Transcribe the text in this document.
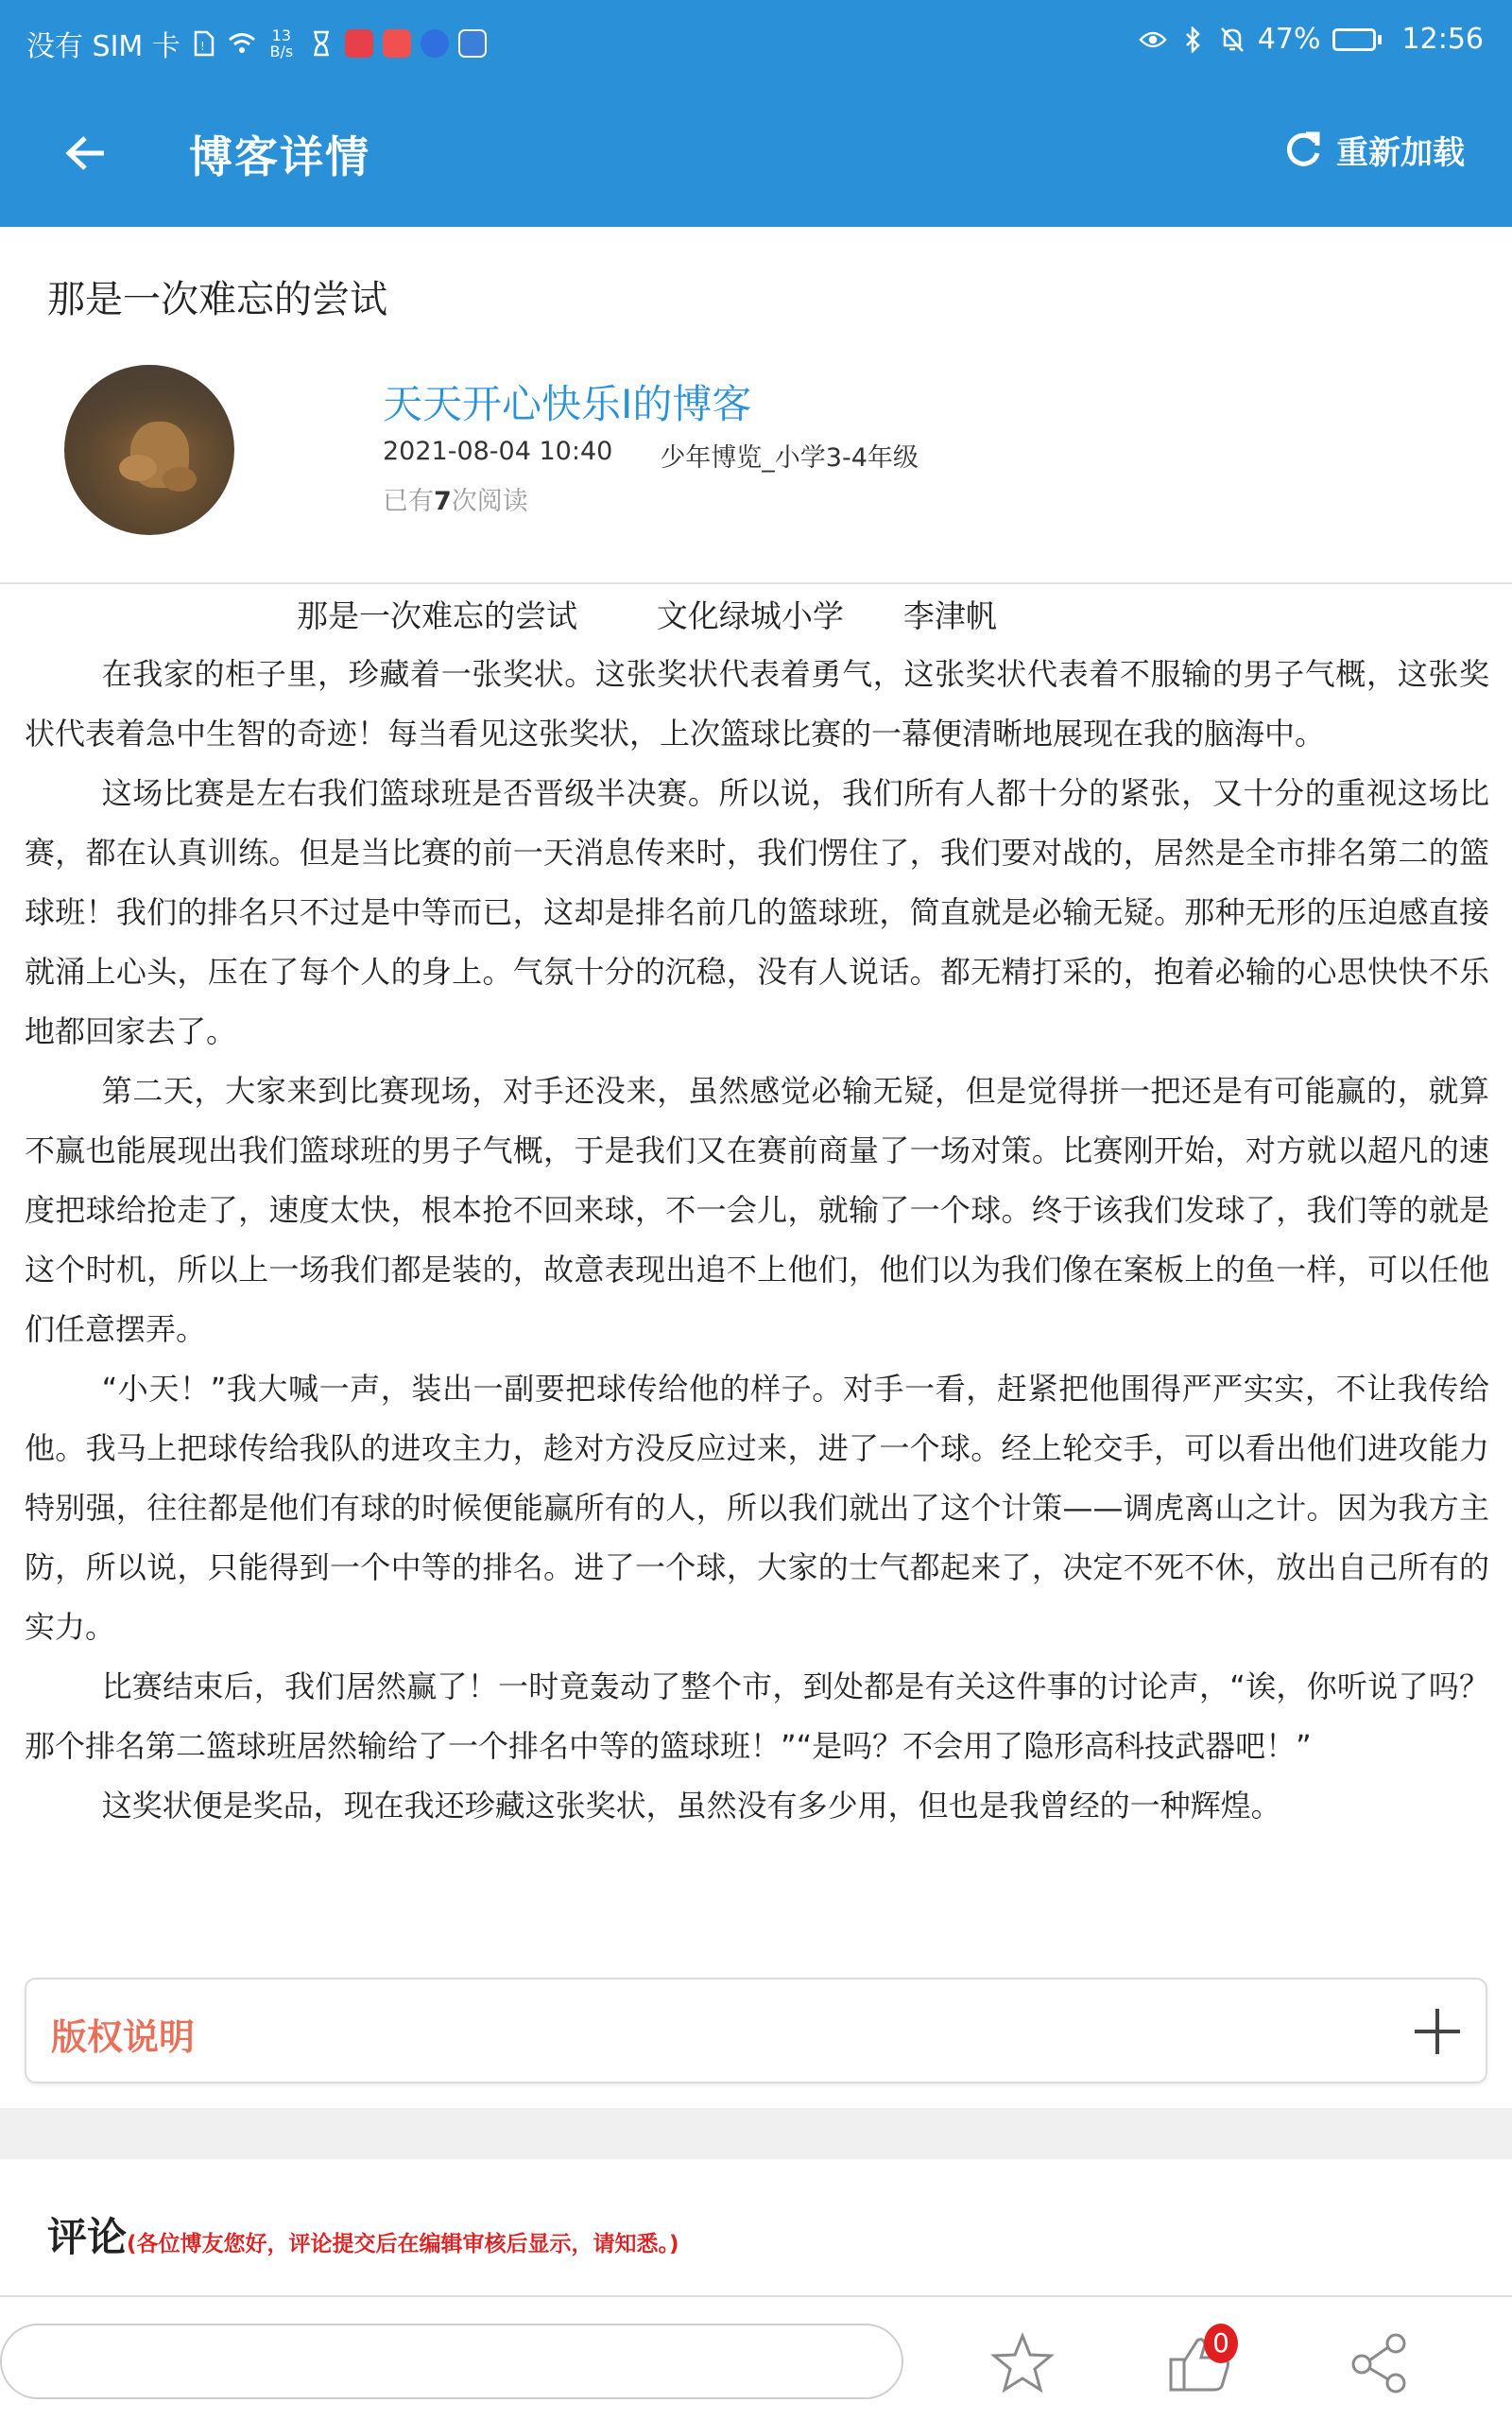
没有 SIM 卡 !
13
B/s	47%	12:56
博客详情	重新加载
那是一次难忘的尝试
天天开心快乐I的博客
2021-08-04 10:40 少年博览_小学3-4年级
已有7次阅读
那是一次难忘的尝试        文化绿城小学      李津帆

在我家的柜子里，珍藏着一张奖状。这张奖状代表着勇气，这张奖状代表着不服输的男子气概，这张奖状代表着急中生智的奇迹！每当看见这张奖状，上次篮球比赛的一幕便清晰地展现在我的脑海中。

这场比赛是左右我们篮球班是否晋级半决赛。所以说，我们所有人都十分的紧张，又十分的重视这场比赛，都在认真训练。但是当比赛的前一天消息传来时，我们愣住了，我们要对战的，居然是全市排名第二的篮球班！我们的排名只不过是中等而已，这却是排名前几的篮球班，简直就是必输无疑。那种无形的压迫感直接就涌上心头，压在了每个人的身上。气氛十分的沉稳，没有人说话。都无精打采的，抱着必输的心思快快不乐地都回家去了。

第二天，大家来到比赛现场，对手还没来，虽然感觉必输无疑，但是觉得拼一把还是有可能赢的，就算不赢也能展现出我们篮球班的男子气概，于是我们又在赛前商量了一场对策。比赛刚开始，对方就以超凡的速度把球给抢走了，速度太快，根本抢不回来球，不一会儿，就输了一个球。终于该我们发球了，我们等的就是这个时机，所以上一场我们都是装的，故意表现出追不上他们，他们以为我们像在案板上的鱼一样，可以任他们任意摆弄。

“小天！”我大喊一声，装出一副要把球传给他的样子。对手一看，赶紧把他围得严严实实，不让我传给他。我马上把球传给我队的进攻主力，趁对方没反应过来，进了一个球。经上轮交手，可以看出他们进攻能力特别强，往往都是他们有球的时候便能赢所有的人，所以我们就出了这个计策——调虎离山之计。因为我方主防，所以说，只能得到一个中等的排名。进了一个球，大家的士气都起来了，决定不死不休，放出自己所有的实力。

比赛结束后，我们居然赢了！一时竟轰动了整个市，到处都是有关这件事的讨论声，“诶，你听说了吗？那个排名第二篮球班居然输给了一个排名中等的篮球班！”“是吗？不会用了隐形高科技武器吧！”

这奖状便是奖品，现在我还珍藏这张奖状，虽然没有多少用，但也是我曾经的一种辉煌。

版权说明
评论 (各位博友您好，评论提交后在编辑审核后显示，请知悉。)
0
